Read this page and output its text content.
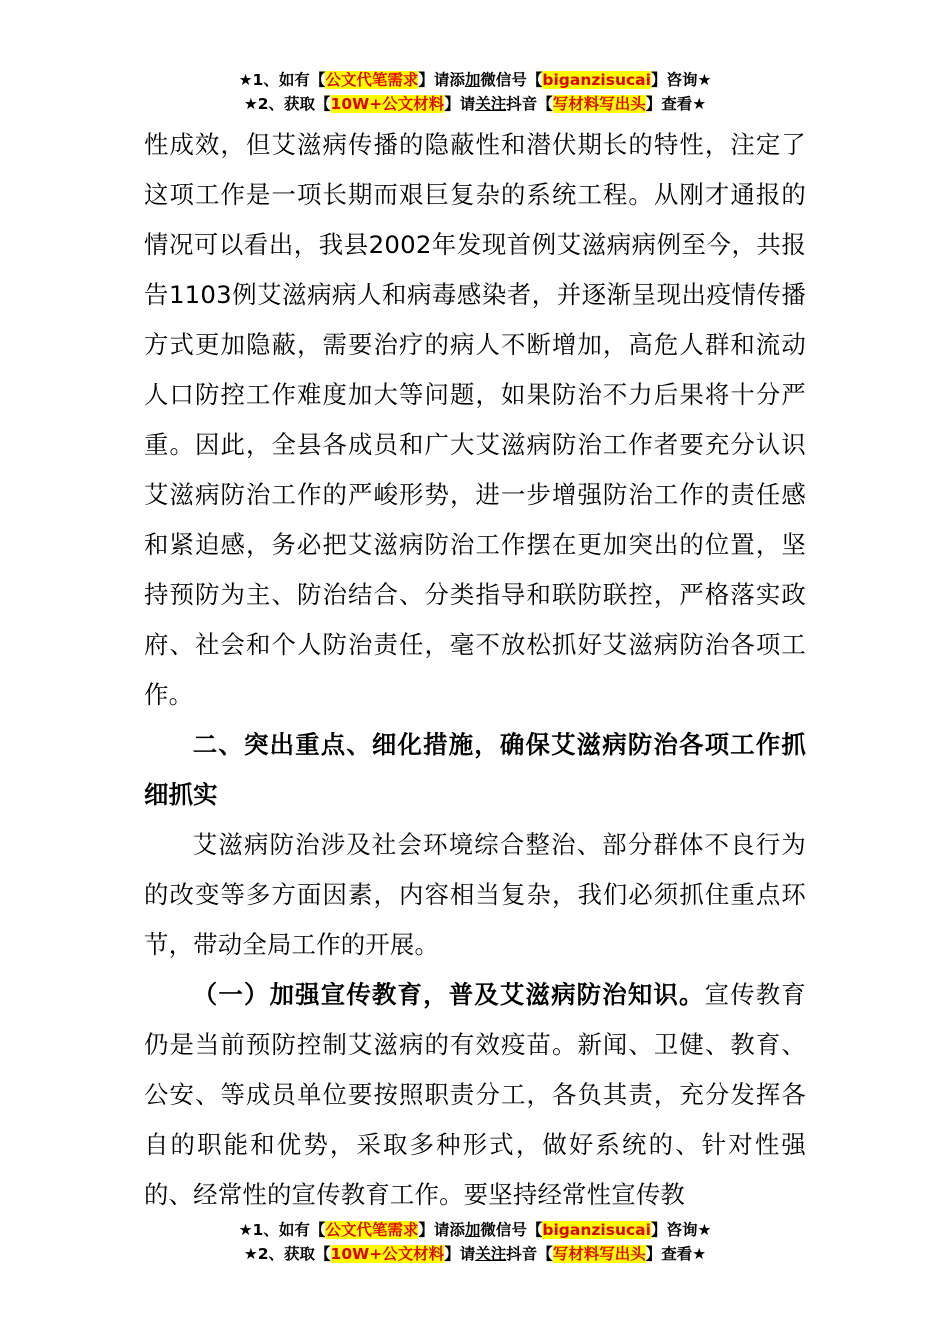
★1、如有【公文代笔需求】请添加微信号【biganzisucai】咨询★
★2、获取【10W+公文材料】请关注抖音【写材料写出头】查看★

性成效，但艾滋病传播的隐蔽性和潜伏期长的特性，注定了这项工作是一项长期而艰巨复杂的系统工程。从刚才通报的情况可以看出，我县2002年发现首例艾滋病病例至今，共报告1103例艾滋病病人和病毒感染者，并逐渐呈现出疫情传播方式更加隐蔽，需要治疗的病人不断增加，高危人群和流动人口防控工作难度加大等问题，如果防治不力后果将十分严重。因此，全县各成员和广大艾滋病防治工作者要充分认识艾滋病防治工作的严峻形势，进一步增强防治工作的责任感和紧迫感，务必把艾滋病防治工作摆在更加突出的位置，坚持预防为主、防治结合、分类指导和联防联控，严格落实政府、社会和个人防治责任，毫不放松抓好艾滋病防治各项工作。

二、突出重点、细化措施，确保艾滋病防治各项工作抓细抓实

艾滋病防治涉及社会环境综合整治、部分群体不良行为的改变等多方面因素，内容相当复杂，我们必须抓住重点环节，带动全局工作的开展。

（一）加强宣传教育，普及艾滋病防治知识。宣传教育仍是当前预防控制艾滋病的有效疫苗。新闻、卫健、教育、公安、等成员单位要按照职责分工，各负其责，充分发挥各自的职能和优势，采取多种形式，做好系统的、针对性强的、经常性的宣传教育工作。要坚持经常性宣传教

★1、如有【公文代笔需求】请添加微信号【biganzisucai】咨询★
★2、获取【10W+公文材料】请关注抖音【写材料写出头】查看★
